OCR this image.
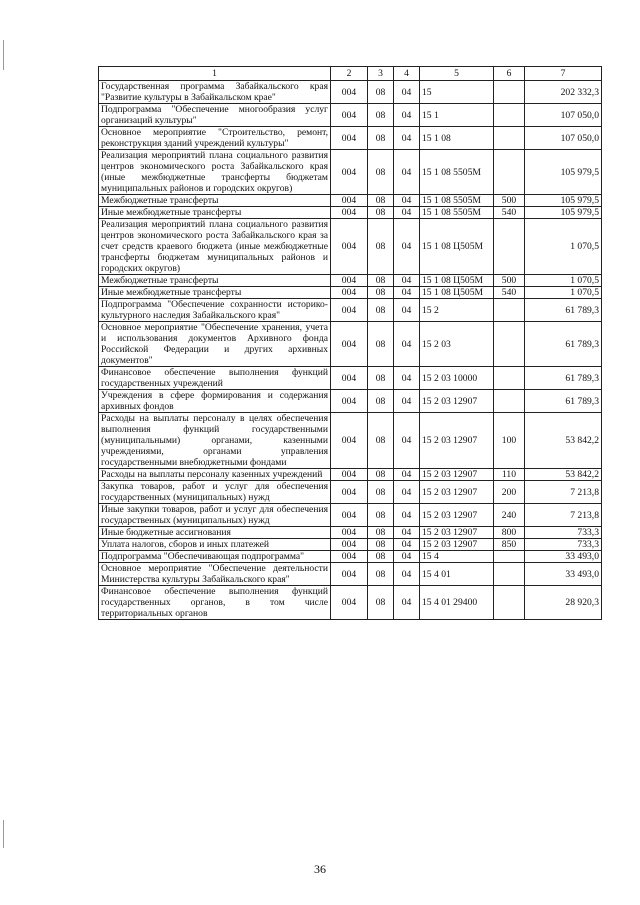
1	2	3	4	5	6	7
Государственная программа Забайкальского края "Развитие культуры в Забайкальском крае"	004	08	04	15		202 332,3
Подпрограмма "Обеспечение многообразия услуг организаций культуры"	004	08	04	15 1		107 050,0
Основное мероприятие "Строительство, ремонт, реконструкция зданий учреждений культуры"	004	08	04	15 1 08		107 050,0
Реализация мероприятий плана социального развития центров экономического роста Забайкальского края (иные межбюджетные трансферты бюджетам муниципальных районов и городских округов)	004	08	04	15 1 08 5505М		105 979,5
Межбюджетные трансферты	004	08	04	15 1 08 5505М	500	105 979,5
Иные межбюджетные трансферты	004	08	04	15 1 08 5505М	540	105 979,5
Реализация мероприятий плана социального развития центров экономического роста Забайкальского края за счет средств краевого бюджета (иные межбюджетные трансферты бюджетам муниципальных районов и городских округов)	004	08	04	15 1 08 Ц505М		1 070,5
Межбюджетные трансферты	004	08	04	15 1 08 Ц505М	500	1 070,5
Иные межбюджетные трансферты	004	08	04	15 1 08 Ц505М	540	1 070,5
Подпрограмма "Обеспечение сохранности историко-культурного наследия Забайкальского края"	004	08	04	15 2		61 789,3
Основное мероприятие "Обеспечение хранения, учета и использования документов Архивного фонда Российской Федерации и других архивных документов"	004	08	04	15 2 03		61 789,3
Финансовое обеспечение выполнения функций государственных учреждений	004	08	04	15 2 03 10000		61 789,3
Учреждения в сфере формирования и содержания архивных фондов	004	08	04	15 2 03 12907		61 789,3
Расходы на выплаты персоналу в целях обеспечения выполнения функций государственными (муниципальными) органами, казенными учреждениями, органами управления государственными внебюджетными фондами	004	08	04	15 2 03 12907	100	53 842,2
Расходы на выплаты персоналу казенных учреждений	004	08	04	15 2 03 12907	110	53 842,2
Закупка товаров, работ и услуг для обеспечения государственных (муниципальных) нужд	004	08	04	15 2 03 12907	200	7 213,8
Иные закупки товаров, работ и услуг для обеспечения государственных (муниципальных) нужд	004	08	04	15 2 03 12907	240	7 213,8
Иные бюджетные ассигнования	004	08	04	15 2 03 12907	800	733,3
Уплата налогов, сборов и иных платежей	004	08	04	15 2 03 12907	850	733,3
Подпрограмма "Обеспечивающая подпрограмма"	004	08	04	15 4		33 493,0
Основное мероприятие "Обеспечение деятельности Министерства культуры Забайкальского края"	004	08	04	15 4 01		33 493,0
Финансовое обеспечение выполнения функций государственных органов, в том числе территориальных органов	004	08	04	15 4 01 29400		28 920,3
36
